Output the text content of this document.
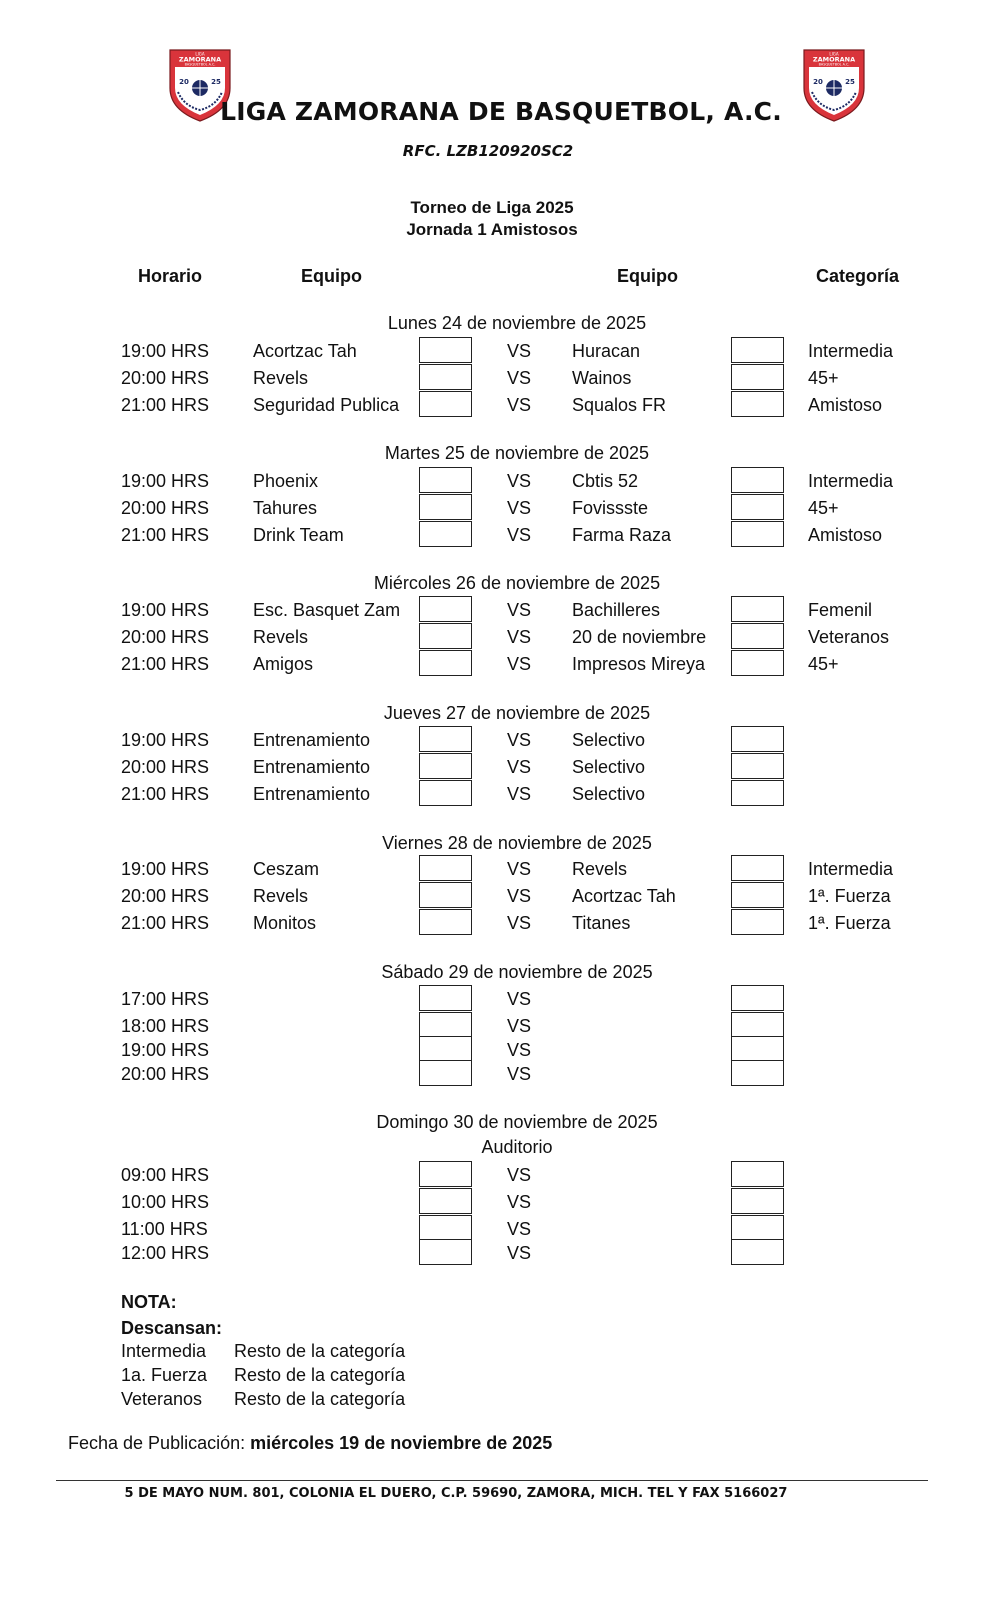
LIGA
ZAMORANA
BASQUETBOL A.C.
20	25
LIGA
ZAMORANA
BASQUETBOL A.C.
20	25
LIGA ZAMORANA DE BASQUETBOL, A.C.
RFC. LZB120920SC2
Torneo de Liga 2025
Jornada 1 Amistosos
Horario	Equipo	Equipo	Categoría
Lunes 24 de noviembre de 2025
19:00 HRS Acortzac Tah	VS Huracan	Intermedia
20:00 HRS Revels	VS Wainos	45+
21:00 HRS Seguridad Publica	VS Squalos FR	Amistoso
Martes 25 de noviembre de 2025
19:00 HRS Phoenix	VS Cbtis 52	Intermedia
20:00 HRS Tahures	VS Fovissste	45+
21:00 HRS Drink Team	VS Farma Raza	Amistoso
Miércoles 26 de noviembre de 2025
19:00 HRS Esc. Basquet Zam	VS Bachilleres	Femenil
20:00 HRS Revels	VS 20 de noviembre	Veteranos
21:00 HRS Amigos	VS Impresos Mireya	45+
Jueves 27 de noviembre de 2025
19:00 HRS Entrenamiento	VS Selectivo
20:00 HRS Entrenamiento	VS Selectivo
21:00 HRS Entrenamiento	VS Selectivo
Viernes 28 de noviembre de 2025
19:00 HRS Ceszam	VS Revels	Intermedia
20:00 HRS Revels	VS Acortzac Tah	1ª. Fuerza
21:00 HRS Monitos	VS Titanes	1ª. Fuerza
Sábado 29 de noviembre de 2025
17:00 HRS	VS
18:00 HRS	VS
19:00 HRS	VS
20:00 HRS	VS
Domingo 30 de noviembre de 2025
Auditorio
09:00 HRS	VS
10:00 HRS	VS
11:00 HRS	VS
12:00 HRS	VS
NOTA:
Descansan:
Intermedia Resto de la categoría
1a. Fuerza Resto de la categoría
Veteranos Resto de la categoría
Fecha de Publicación: miércoles 19 de noviembre de 2025
5 DE MAYO NUM. 801, COLONIA EL DUERO, C.P. 59690, ZAMORA, MICH. TEL Y FAX 5166027
